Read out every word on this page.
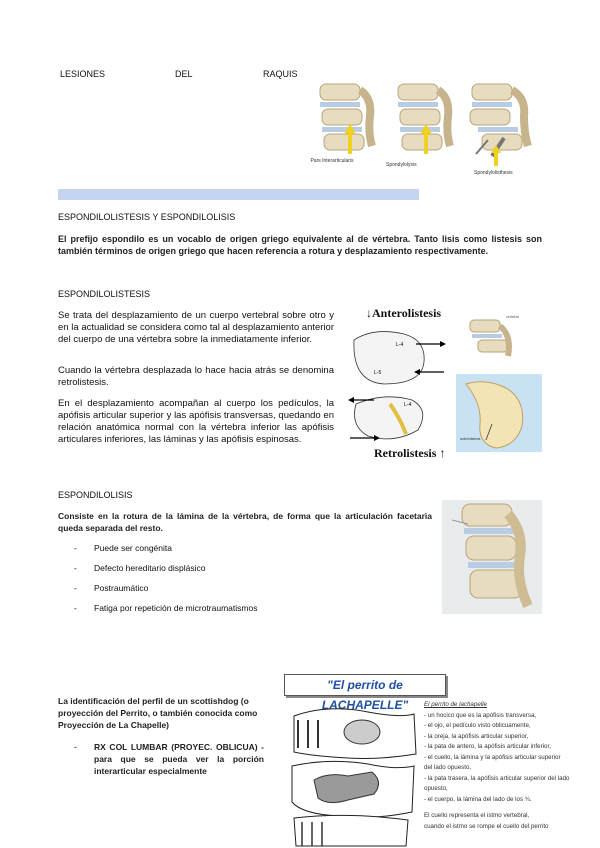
LESIONES	DEL	RAQUIS
Pars Interarticularis
Spondylolysis
Spondylolisthesis
ESPONDILOLISTESIS Y ESPONDILOLISIS
El prefijo espondilo es un vocablo de origen griego equivalente al de vértebra. Tanto lisis como listesis son también términos de origen griego que hacen referencia a rotura y desplazamiento respectivamente.
ESPONDILOLISTESIS
Se trata del desplazamiento de un cuerpo vertebral sobre otro y en la actualidad se considera como tal al desplazamiento anterior del cuerpo de una vértebra sobre la inmediatamente inferior.
Cuando la vértebra desplazada lo hace hacia atrás se denomina retrolistesis.
En el desplazamiento acompañan al cuerpo los pedículos, la apófisis articular superior y las apófisis transversas, quedando en relación anatómica normal con la vértebra inferior las apófisis articulares inferiores, las láminas y las apófisis espinosas.
↓Anterolistesis
L-4
L-5
L-4
vertebra
anterolistesis
Retrolistesis ↑
ESPONDILOLISIS
Consiste en la rotura de la lámina de la vértebra, de forma que la articulación facetaria queda separada del resto.
- Puede ser congénita
- Defecto hereditario displásico
- Postraumático
- Fatiga por repetición de microtraumatismos
La identificación del perfil de un scottishdog (o proyección del Perrito, o también conocida como Proyección de La Chapelle)
- RX COL LUMBAR (PROYEC. OBLICUA) - para que se pueda ver la porción interarticular especialmente
"El perrito de LACHAPELLE"	El perrito de lachapelle
- un hocico que es la apófisis transversa,
- el ojo, el pedículo visto oblicuamente,
- la oreja, la apófisis articular superior,
- la pata de antero, la apófisis articular inferior,
- el cuello, la lámina y la apófisis articular superior del lado opuesto,
- la pata trasera, la apófisis articular superior del lado opuesto,
- el cuerpo, la lámina del lado de los ¾.
El cuello representa el istmo vertebral,
cuando el istmo se rompe el cuello del perrito
